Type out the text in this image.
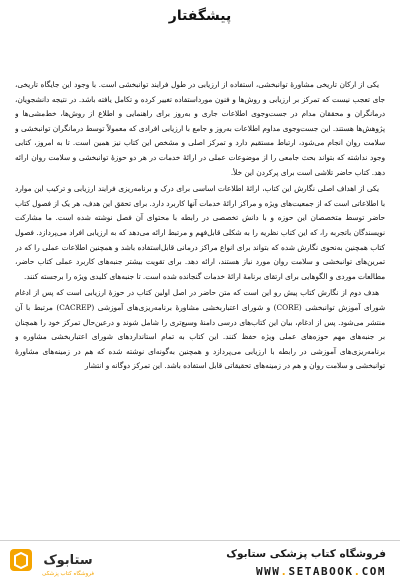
پیشگفتار

یکی از ارکان تاریخی مشاورۀ توانبخشی، استفاده از ارزیابی در طول فرایند توانبخشی است. با وجود این جایگاه تاریخی، جای تعجب نیست که تمرکز بر ارزیابی و روش‌ها و فنون مورداستفاده تغییر کرده و تکامل یافته باشد. در نتیجه دانشجویان، درمانگران و محققان مدام در جست‌وجوی اطلاعات جاری و به‌روز برای راهنمایی و اطلاع از روش‌ها، خط‌مشی‌ها و پژوهش‌ها هستند. این جست‌وجوی مداوم اطلاعات به‌روز و جامع با ارزیابی افرادی که معمولاً توسط درمانگران توانبخشی و سلامت روان انجام می‌شود، ارتباط مستقیم دارد و تمرکز اصلی و مشخص این کتاب نیز همین است. تا به امروز، کتابی وجود نداشته که بتواند بحث جامعی را از موضوعات عملی در ارائۀ خدمات در هر دو حوزۀ توانبخشی و سلامت روان ارائه دهد. کتاب حاضر تلاشی است برای پرکردن این خلأ.

یکی از اهداف اصلی نگارش این کتاب، ارائۀ اطلاعات اساسی برای درک و برنامه‌ریزی فرایند ارزیابی و ترکیب این موارد با اطلاعاتی است که از جمعیت‌های ویژه و مراکز ارائۀ خدمات آنها کاربرد دارد. برای تحقق این هدف، هر یک از فصول کتاب حاضر توسط متخصصان این حوزه و با دانش تخصصی در رابطه با محتوای آن فصل نوشته شده است. ما مشارکت نویسندگان باتجربه را، که این کتاب نظریه را به شکلی قابل‌فهم و مرتبط ارائه می‌دهد که به ارزیابی افراد می‌پردازد. فصول کتاب همچنین به‌نحوی نگارش شده که بتواند برای انواع مراکز درمانی قابل‌استفاده باشد و همچنین اطلاعات عملی را که در تمرین‌های توانبخشی و سلامت روان مورد نیاز هستند، ارائه دهد. برای تقویت بیشتر جنبه‌های کاربرد عملی کتاب حاضر، مطالعات موردی و الگوهایی برای ارتقای برنامۀ ارائۀ خدمات گنجانده شده است. تا جنبه‌های کلیدی ویژه را برجسته کنند.

هدف دوم از نگارش کتاب پیش رو این است که متن حاضر در اصل اولین کتاب در حوزۀ ارزیابی است که پس از ادغام شورای آموزش توانبخشی (CORE) و شورای اعتباربخشی مشاورۀ برنامه‌ریزی‌های آموزشی (CACREP) مرتبط با آن منتشر می‌شود. پس از ادغام، بیان این کتاب‌های درسی دامنۀ وسیع‌تری را شامل شوند و درعین‌حال تمرکز خود را همچنان بر جنبه‌های مهم حوزه‌های عملی ویژه حفظ کنند. این کتاب به تمام استانداردهای شورای اعتباربخشی مشاوره و برنامه‌ریزی‌های آموزشی در رابطه با ارزیابی می‌پردازد و همچنین به‌گونه‌ای نوشته شده که هم در زمینه‌های مشاورۀ توانبخشی و سلامت روان و هم در زمینه‌های تحقیقاتی قابل استفاده باشد. این تمرکز دوگانه و انتشار

ستابوک
فروشگاه کتاب پزشکی
فروشگاه کتاب پزشکی ستابوک
WWW.SETABOOK.COM
